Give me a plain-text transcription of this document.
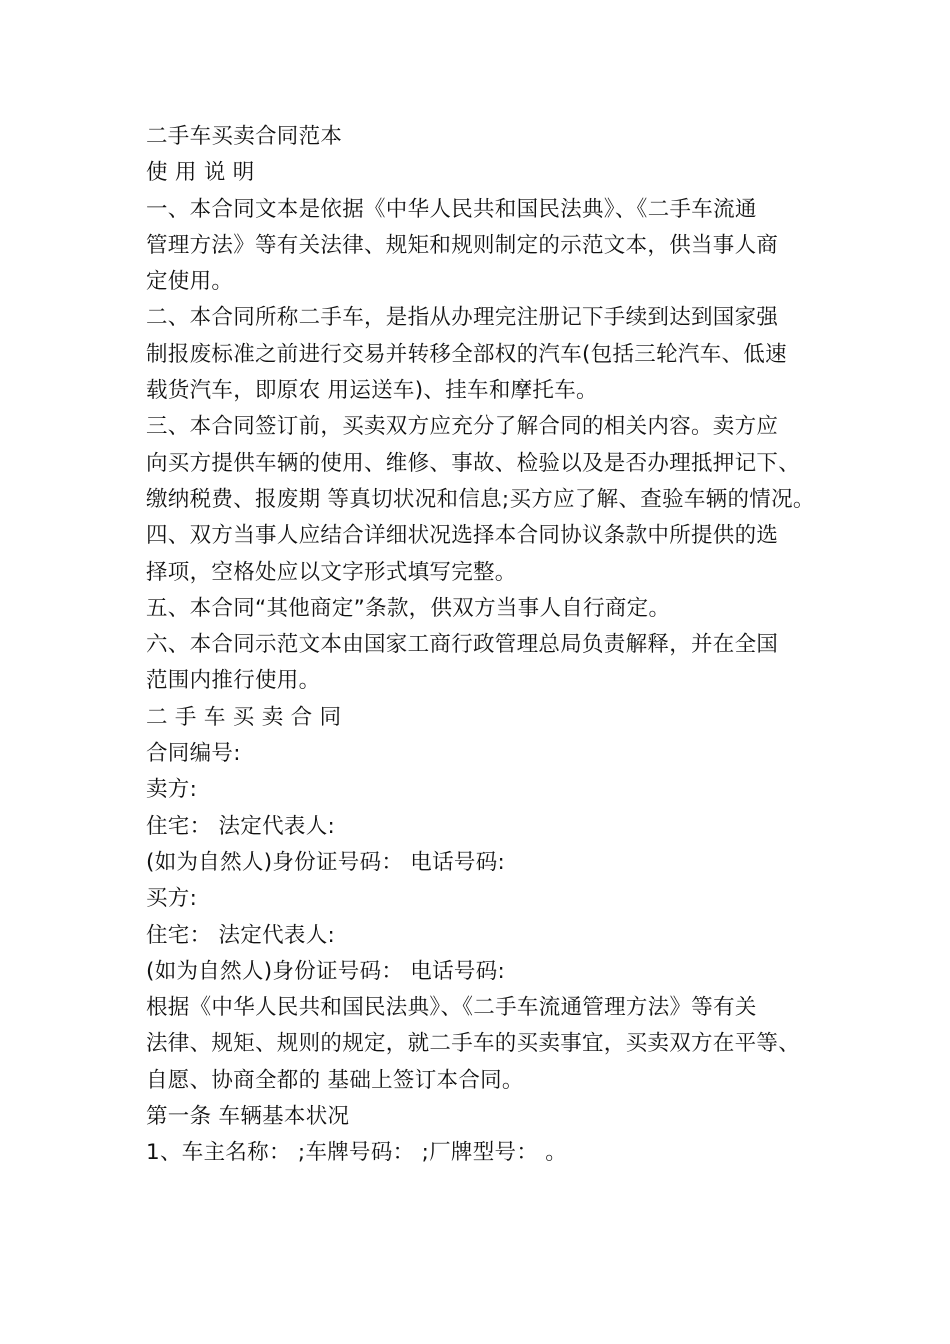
二手车买卖合同范本
使 用 说 明
一、本合同文本是依据《中华人民共和国民法典》、《二手车流通
管理方法》等有关法律、规矩和规则制定的示范文本，供当事人商
定使用。
二、本合同所称二手车，是指从办理完注册记下手续到达到国家强
制报废标准之前进行交易并转移全部权的汽车(包括三轮汽车、低速
载货汽车，即原农 用运送车)、挂车和摩托车。
三、本合同签订前，买卖双方应充分了解合同的相关内容。卖方应
向买方提供车辆的使用、维修、事故、检验以及是否办理抵押记下、
缴纳税费、报废期 等真切状况和信息;买方应了解、查验车辆的情况。
四、双方当事人应结合详细状况选择本合同协议条款中所提供的选
择项，空格处应以文字形式填写完整。
五、本合同“其他商定”条款，供双方当事人自行商定。
六、本合同示范文本由国家工商行政管理总局负责解释，并在全国
范围内推行使用。
二 手 车 买 卖 合 同
合同编号:
卖方:
住宅： 法定代表人:
(如为自然人)身份证号码： 电话号码:
买方:
住宅： 法定代表人:
(如为自然人)身份证号码： 电话号码:
根据《中华人民共和国民法典》、《二手车流通管理方法》等有关
法律、规矩、规则的规定，就二手车的买卖事宜，买卖双方在平等、
自愿、协商全都的 基础上签订本合同。
第一条 车辆基本状况
1、车主名称： ;车牌号码： ;厂牌型号： 。
